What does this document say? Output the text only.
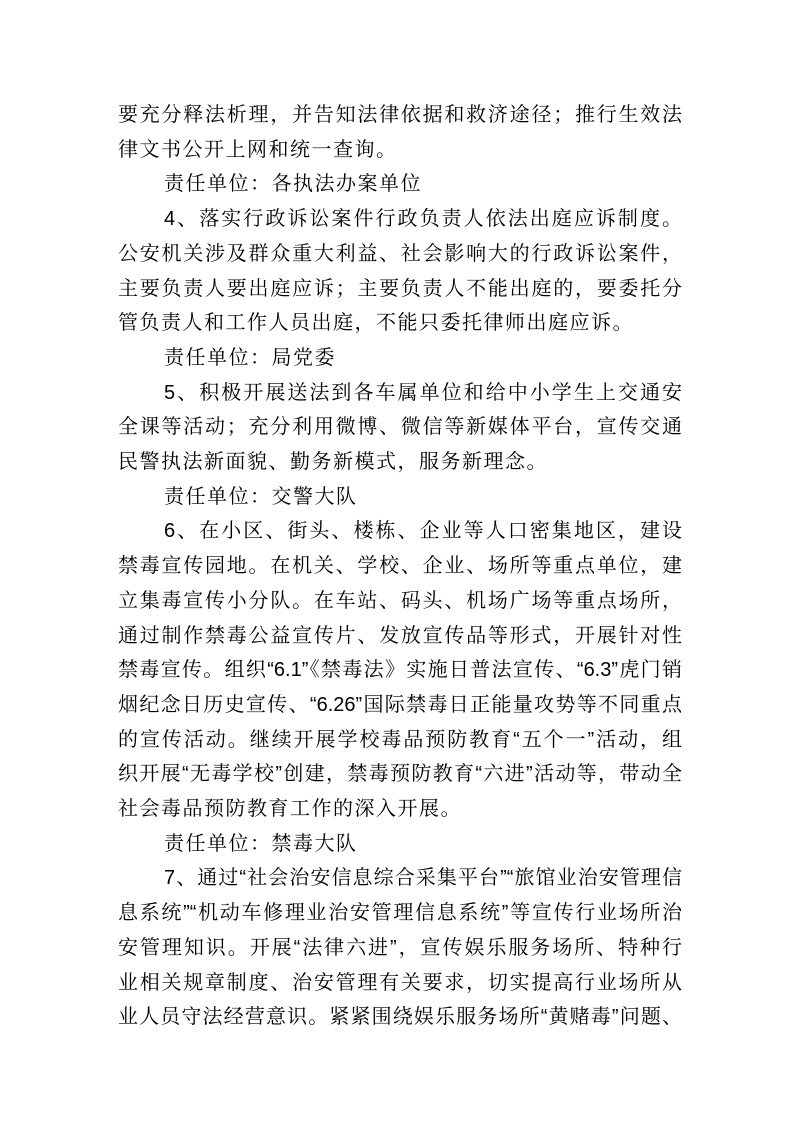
要充分释法析理，并告知法律依据和救济途径；推行生效法
律文书公开上网和统一查询。
责任单位：各执法办案单位
4、落实行政诉讼案件行政负责人依法出庭应诉制度。
公安机关涉及群众重大利益、社会影响大的行政诉讼案件，
主要负责人要出庭应诉；主要负责人不能出庭的，要委托分
管负责人和工作人员出庭，不能只委托律师出庭应诉。
责任单位：局党委
5、积极开展送法到各车属单位和给中小学生上交通安
全课等活动；充分利用微博、微信等新媒体平台，宣传交通
民警执法新面貌、勤务新模式，服务新理念。
责任单位：交警大队
6、在小区、街头、楼栋、企业等人口密集地区，建设
禁毒宣传园地。在机关、学校、企业、场所等重点单位，建
立集毒宣传小分队。在车站、码头、机场广场等重点场所，
通过制作禁毒公益宣传片、发放宣传品等形式，开展针对性
禁毒宣传。组织“6.1”《禁毒法》实施日普法宣传、“6.3”虎门销
烟纪念日历史宣传、“6.26”国际禁毒日正能量攻势等不同重点
的宣传活动。继续开展学校毒品预防教育“五个一”活动，组
织开展“无毒学校”创建，禁毒预防教育“六进”活动等，带动全
社会毒品预防教育工作的深入开展。
责任单位：禁毒大队
7、通过“社会治安信息综合采集平台”“旅馆业治安管理信
息系统”“机动车修理业治安管理信息系统”等宣传行业场所治
安管理知识。开展“法律六进”，宣传娱乐服务场所、特种行
业相关规章制度、治安管理有关要求，切实提高行业场所从
业人员守法经营意识。紧紧围绕娱乐服务场所“黄赌毒”问题、
